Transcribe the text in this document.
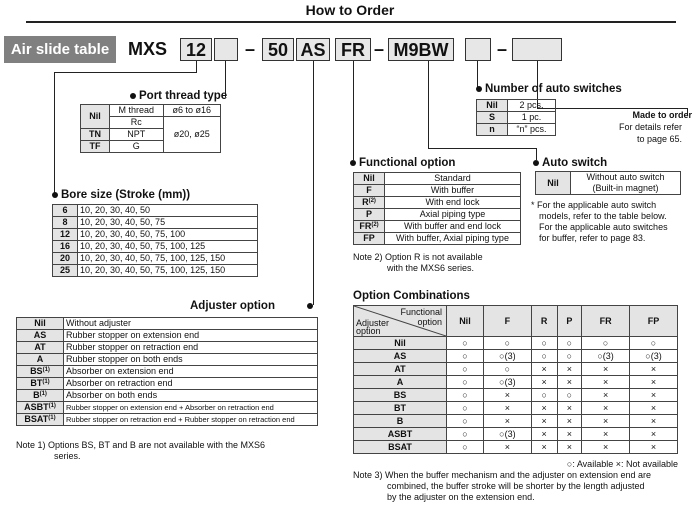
How to Order
Air slide table	MXS	12	– 50 AS FR – M9BW	–
Port thread type
Nil	M thread	ø6 to ø16
	Rc	ø20, ø25
TN	NPT	
TF	G	
Bore size (Stroke (mm))
6	10, 20, 30, 40, 50
8	10, 20, 30, 40, 50, 75
12	10, 20, 30, 40, 50, 75, 100
16	10, 20, 30, 40, 50, 75, 100, 125
20	10, 20, 30, 40, 50, 75, 100, 125, 150
25	10, 20, 30, 40, 50, 75, 100, 125, 150
Adjuster option
Nil	Without adjuster
AS	Rubber stopper on extension end
AT	Rubber stopper on retraction end
A	Rubber stopper on both ends
BS$^{(1)}$	Absorber on extension end
BT$^{(1)}$	Absorber on retraction end
$B^{(1)}$	Absorber on both ends
ASBT$^{(1)}$	Rubber stopper on extension end + Absorber on retraction end
BSAT$^{(1)}$	Rubber stopper on retraction end + Rubber stopper on retraction end
Note 1) Options BS, BT and B are not available with the MXS6
series.
Number of auto switches
Nil	2 pcs.
S	1 pc.
n	“n” pcs.
Made to order
For details refer
to page 65.
Functional option
Nil	Standard
F	With buffer
$R^{(2)}$	With end lock
P	Axial piping type
FR$^{(2)}$	With buffer and end lock
FP	With buffer, Axial piping type
Note 2) Option R is not available
with the MXS6 series.
Auto switch
Nil	
Without auto switch
(Built-in magnet)
* For the applicable auto switch
models, refer to the table below.
For the applicable auto switches
for buffer, refer to page 83.
Option Combinations
Functional
option
Adjuster
option	Nil	F	R	P	FR	FP
Nil	○	○	○	○	○	○
AS	○	○(3)	○	○	○(3)	○(3)
AT	○	○	×	×	×	×
A	○	○(3)	×	×	×	×
BS	○	×	○	○	×	×
BT	○	×	×	×	×	×
B	○	×	×	×	×	×
ASBT	○	○(3)	×	×	×	×
BSAT	○	×	×	×	×	×
○: Available ×: Not available
Note 3) When the buffer mechanism and the adjuster on extension end are
combined, the buffer stroke will be shorter by the length adjusted
by the adjuster on the extension end.
